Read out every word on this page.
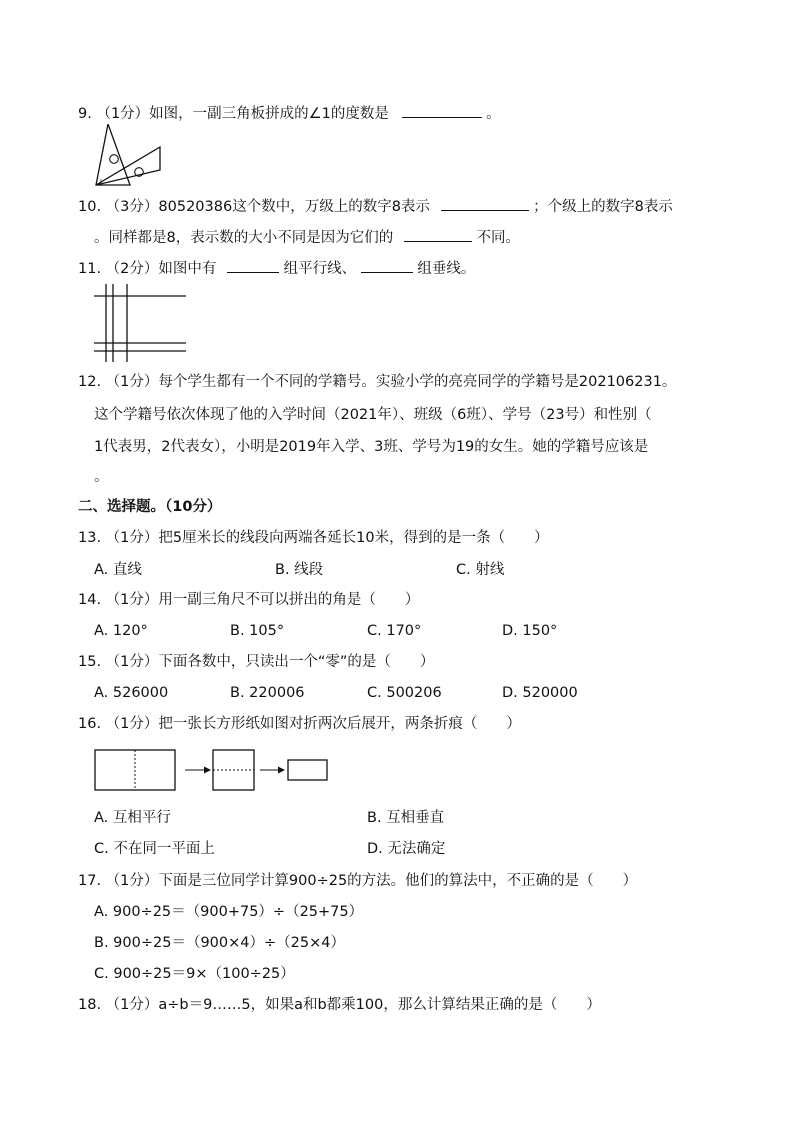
9. （1分）如图，一副三角板拼成的∠1的度数是	。
1
10. （3分）80520386这个数中，万级上的数字8表示	；个级上的数字8表示
。同样都是8，表示数的大小不同是因为它们的	不同。
11. （2分）如图中有	组平行线、	组垂线。
12. （1分）每个学生都有一个不同的学籍号。实验小学的亮亮同学的学籍号是202106231。
这个学籍号依次体现了他的入学时间（2021年）、班级（6班）、学号（23号）和性别（
1代表男，2代表女），小明是2019年入学、3班、学号为19的女生。她的学籍号应该是
。
二、选择题。（10分）
13. （1分）把5厘米长的线段向两端各延长10米，得到的是一条（　　）
A. 直线	B. 线段	C. 射线
14. （1分）用一副三角尺不可以拼出的角是（　　）
A. 120°	B. 105°	C. 170°	D. 150°
15. （1分）下面各数中，只读出一个“零”的是（　　）
A. 526000	B. 220006	C. 500206	D. 520000
16. （1分）把一张长方形纸如图对折两次后展开，两条折痕（　　）
A. 互相平行	B. 互相垂直
C. 不在同一平面上	D. 无法确定
17. （1分）下面是三位同学计算900÷25的方法。他们的算法中，不正确的是（　　）
A. 900÷25＝（900+75）÷（25+75）
B. 900÷25＝（900×4）÷（25×4）
C. 900÷25＝9×（100÷25）
18. （1分）a÷b＝9……5，如果a和b都乘100，那么计算结果正确的是（　　）
